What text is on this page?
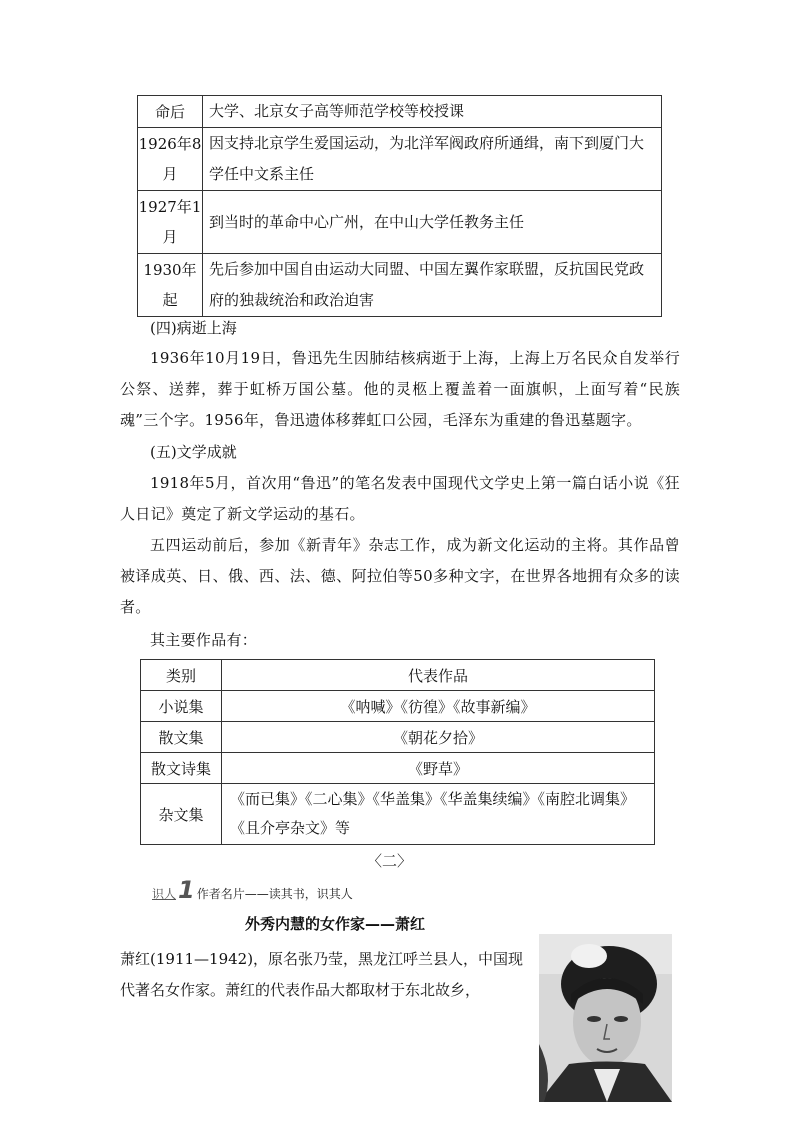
命后	大学、北京女子高等师范学校等校授课
1926年8月	因支持北京学生爱国运动，为北洋军阀政府所通缉，南下到厦门大学任中文系主任
1927年1月	到当时的革命中心广州，在中山大学任教务主任
1930年起	先后参加中国自由运动大同盟、中国左翼作家联盟，反抗国民党政府的独裁统治和政治迫害

(四)病逝上海

1936年10月19日，鲁迅先生因肺结核病逝于上海，上海上万名民众自发举行公祭、送葬，葬于虹桥万国公墓。他的灵柩上覆盖着一面旗帜，上面写着“民族魂”三个字。1956年，鲁迅遗体移葬虹口公园，毛泽东为重建的鲁迅墓题字。

(五)文学成就

1918年5月，首次用“鲁迅”的笔名发表中国现代文学史上第一篇白话小说《狂人日记》奠定了新文学运动的基石。

五四运动前后，参加《新青年》杂志工作，成为新文化运动的主将。其作品曾被译成英、日、俄、西、法、德、阿拉伯等50多种文字，在世界各地拥有众多的读者。

其主要作品有：

类别	代表作品
小说集	《呐喊》《彷徨》《故事新编》
散文集	《朝花夕拾》
散文诗集	《野草》
杂文集	《而已集》《二心集》《华盖集》《华盖集续编》《南腔北调集》《且介亭杂文》等
〈二〉
识人 1 作者名片——读其书，识其人
外秀内慧的女作家——萧红

萧红(1911—1942)，原名张乃莹，黑龙江呼兰县人，中国现代著名女作家。萧红的代表作品大都取材于东北故乡，
